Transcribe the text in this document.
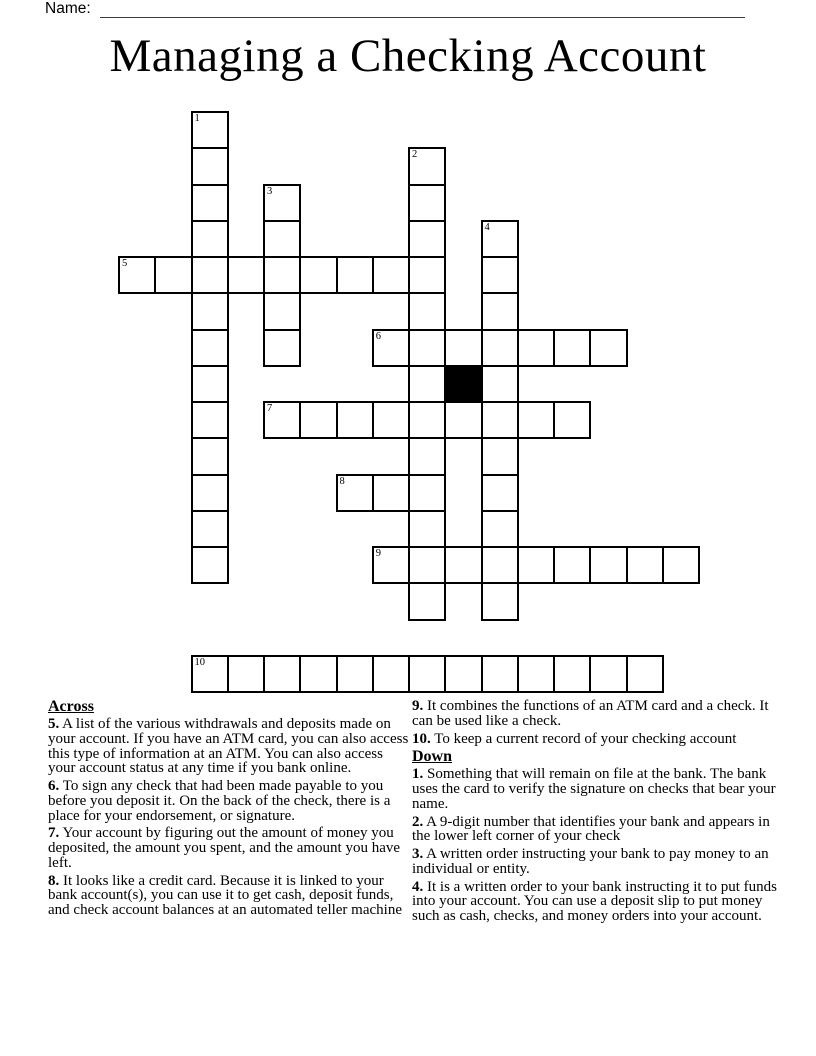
Name:
Managing a Checking Account
1
2
3
4
5
6
7
8
9
10
Across

5. A list of the various withdrawals and deposits made on your account. If you have an ATM card, you can also access this type of information at an ATM. You can also access your account status at any time if you bank online.

6. To sign any check that had been made payable to you before you deposit it. On the back of the check, there is a place for your endorsement, or signature.

7. Your account by figuring out the amount of money you deposited, the amount you spent, and the amount you have left.

8. It looks like a credit card. Because it is linked to your bank account(s), you can use it to get cash, deposit funds, and check account balances at an automated teller machine

9. It combines the functions of an ATM card and a check. It can be used like a check.

10. To keep a current record of your checking account

Down

1. Something that will remain on file at the bank. The bank uses the card to verify the signature on checks that bear your name.

2. A 9-digit number that identifies your bank and appears in the lower left corner of your check

3. A written order instructing your bank to pay money to an individual or entity.

4. It is a written order to your bank instructing it to put funds into your account. You can use a deposit slip to put money such as cash, checks, and money orders into your account.
